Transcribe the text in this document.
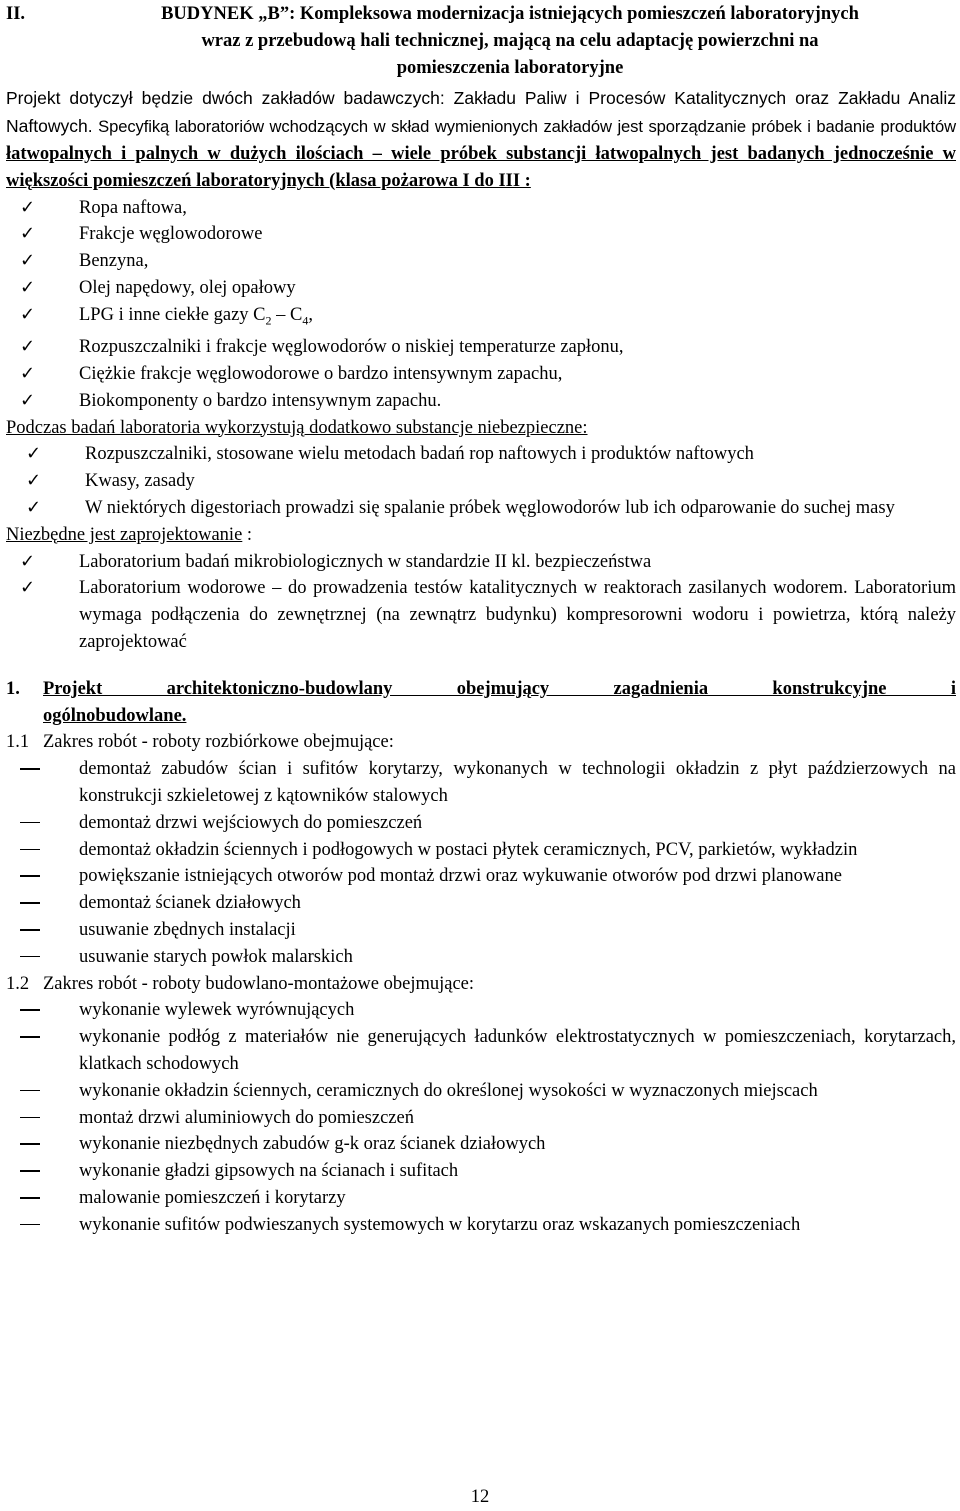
II.	BUDYNEK „B”: Kompleksowa modernizacja istniejących pomieszczeń laboratoryjnych
wraz z przebudową hali technicznej, mającą na celu adaptację powierzchni na
pomieszczenia laboratoryjne

Projekt dotyczył będzie dwóch zakładów badawczych: Zakładu Paliw i Procesów Katalitycznych oraz Zakładu Analiz Naftowych. Specyfiką laboratoriów wchodzących w skład wymienionych zakładów jest sporządzanie próbek i badanie produktów łatwopalnych i palnych w dużych ilościach – wiele próbek substancji łatwopalnych jest badanych jednocześnie w większości pomieszczeń laboratoryjnych (klasa pożarowa I do III :

✓	Ropa naftowa,
✓	Frakcje węglowodorowe
✓	Benzyna,
✓	Olej napędowy, olej opałowy
✓	LPG i inne ciekłe gazy $C_2 - C_4$,
✓	Rozpuszczalniki i frakcje węglowodorów o niskiej temperaturze zapłonu,
✓	Ciężkie frakcje węglowodorowe o bardzo intensywnym zapachu,
✓	Biokomponenty o bardzo intensywnym zapachu.

Podczas badań laboratoria wykorzystują dodatkowo substancje niebezpieczne:

✓	Rozpuszczalniki, stosowane wielu metodach badań rop naftowych i produktów naftowych
✓	Kwasy, zasady
✓	W niektórych digestoriach prowadzi się spalanie próbek węglowodorów lub ich odparowanie do suchej masy

Niezbędne jest zaprojektowanie :

✓	Laboratorium badań mikrobiologicznych w standardzie II kl. bezpieczeństwa
✓	Laboratorium wodorowe – do prowadzenia testów katalitycznych w reaktorach zasilanych wodorem. Laboratorium wymaga podłączenia do zewnętrznej (na zewnątrz budynku) kompresorowni wodoru i powietrza, którą należy zaprojektować
1.	Projekt architektoniczno-budowlany obejmujący zagadnienia konstrukcyjne i
ogólnobudowlane.
1.1 Zakres robót - roboty rozbiórkowe obejmujące:
demontaż zabudów ścian i sufitów korytarzy, wykonanych w technologii okładzin z płyt paździerzowych na konstrukcji szkieletowej z kątowników stalowych
demontaż drzwi wejściowych do pomieszczeń
demontaż okładzin ściennych i podłogowych w postaci płytek ceramicznych, PCV, parkietów, wykładzin
powiększanie istniejących otworów pod montaż drzwi oraz wykuwanie otworów pod drzwi planowane
demontaż ścianek działowych
usuwanie zbędnych instalacji
usuwanie starych powłok malarskich
1.2 Zakres robót - roboty budowlano-montażowe obejmujące:
wykonanie wylewek wyrównujących
wykonanie podłóg z materiałów nie generujących ładunków elektrostatycznych w pomieszczeniach, korytarzach, klatkach schodowych
wykonanie okładzin ściennych, ceramicznych do określonej wysokości w wyznaczonych miejscach
montaż drzwi aluminiowych do pomieszczeń
wykonanie niezbędnych zabudów g-k oraz ścianek działowych
wykonanie gładzi gipsowych na ścianach i sufitach
malowanie pomieszczeń i korytarzy
wykonanie sufitów podwieszanych systemowych w korytarzu oraz wskazanych pomieszczeniach
12
